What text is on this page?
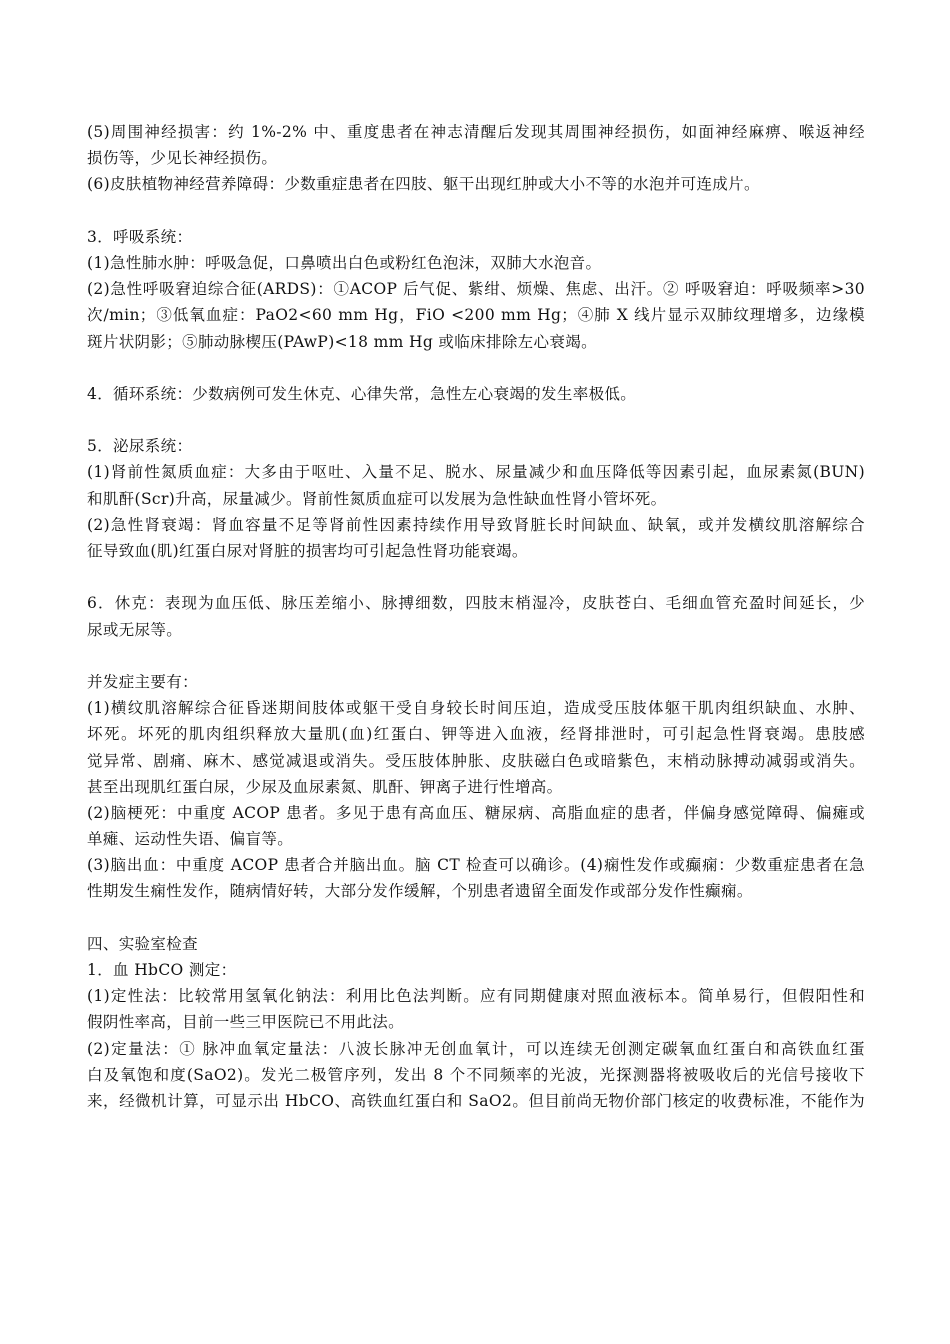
(5)周围神经损害：约 1%-2% 中、重度患者在神志清醒后发现其周围神经损伤，如面神经麻痹、喉返神经
损伤等，少见长神经损伤。
(6)皮肤植物神经营养障碍：少数重症患者在四肢、躯干出现红肿或大小不等的水泡并可连成片。
3．呼吸系统：
(1)急性肺水肿：呼吸急促，口鼻喷出白色或粉红色泡沫，双肺大水泡音。
(2)急性呼吸窘迫综合征(ARDS)：①ACOP 后气促、紫绀、烦燥、焦虑、出汗。② 呼吸窘迫：呼吸频率>30
次/min；③低氧血症：PaO2<60 mm Hg，FiO <200 mm Hg；④肺 X 线片显示双肺纹理增多，边缘模
斑片状阴影；⑤肺动脉楔压(PAwP)<18 mm Hg 或临床排除左心衰竭。
4．循环系统：少数病例可发生休克、心律失常，急性左心衰竭的发生率极低。
5．泌尿系统：
(1)肾前性氮质血症：大多由于呕吐、入量不足、脱水、尿量减少和血压降低等因素引起，血尿素氮(BUN)
和肌酐(Scr)升高，尿量减少。肾前性氮质血症可以发展为急性缺血性肾小管坏死。
(2)急性肾衰竭：肾血容量不足等肾前性因素持续作用导致肾脏长时间缺血、缺氧，或并发横纹肌溶解综合
征导致血(肌)红蛋白尿对肾脏的损害均可引起急性肾功能衰竭。
6．休克：表现为血压低、脉压差缩小、脉搏细数，四肢末梢湿冷，皮肤苍白、毛细血管充盈时间延长，少
尿或无尿等。
并发症主要有：
(1)横纹肌溶解综合征昏迷期间肢体或躯干受自身较长时间压迫，造成受压肢体躯干肌肉组织缺血、水肿、
坏死。坏死的肌肉组织释放大量肌(血)红蛋白、钾等进入血液，经肾排泄时，可引起急性肾衰竭。患肢感
觉异常、剧痛、麻木、感觉减退或消失。受压肢体肿胀、皮肤磁白色或暗紫色，末梢动脉搏动减弱或消失。
甚至出现肌红蛋白尿，少尿及血尿素氮、肌酐、钾离子进行性增高。
(2)脑梗死：中重度 ACOP 患者。多见于患有高血压、糖尿病、高脂血症的患者，伴偏身感觉障碍、偏瘫或
单瘫、运动性失语、偏盲等。
(3)脑出血：中重度 ACOP 患者合并脑出血。脑 CT 检查可以确诊。(4)痫性发作或癫痫：少数重症患者在急
性期发生痫性发作，随病情好转，大部分发作缓解，个别患者遗留全面发作或部分发作性癫痫。
四、实验室检查
1．血 HbCO 测定：
(1)定性法：比较常用氢氧化钠法：利用比色法判断。应有同期健康对照血液标本。简单易行，但假阳性和
假阴性率高，目前一些三甲医院已不用此法。
(2)定量法：① 脉冲血氧定量法：八波长脉冲无创血氧计，可以连续无创测定碳氧血红蛋白和高铁血红蛋
白及氧饱和度(SaO2)。发光二极管序列，发出 8 个不同频率的光波，光探测器将被吸收后的光信号接收下
来，经微机计算，可显示出 HbCO、高铁血红蛋白和 SaO2。但目前尚无物价部门核定的收费标准，不能作为
